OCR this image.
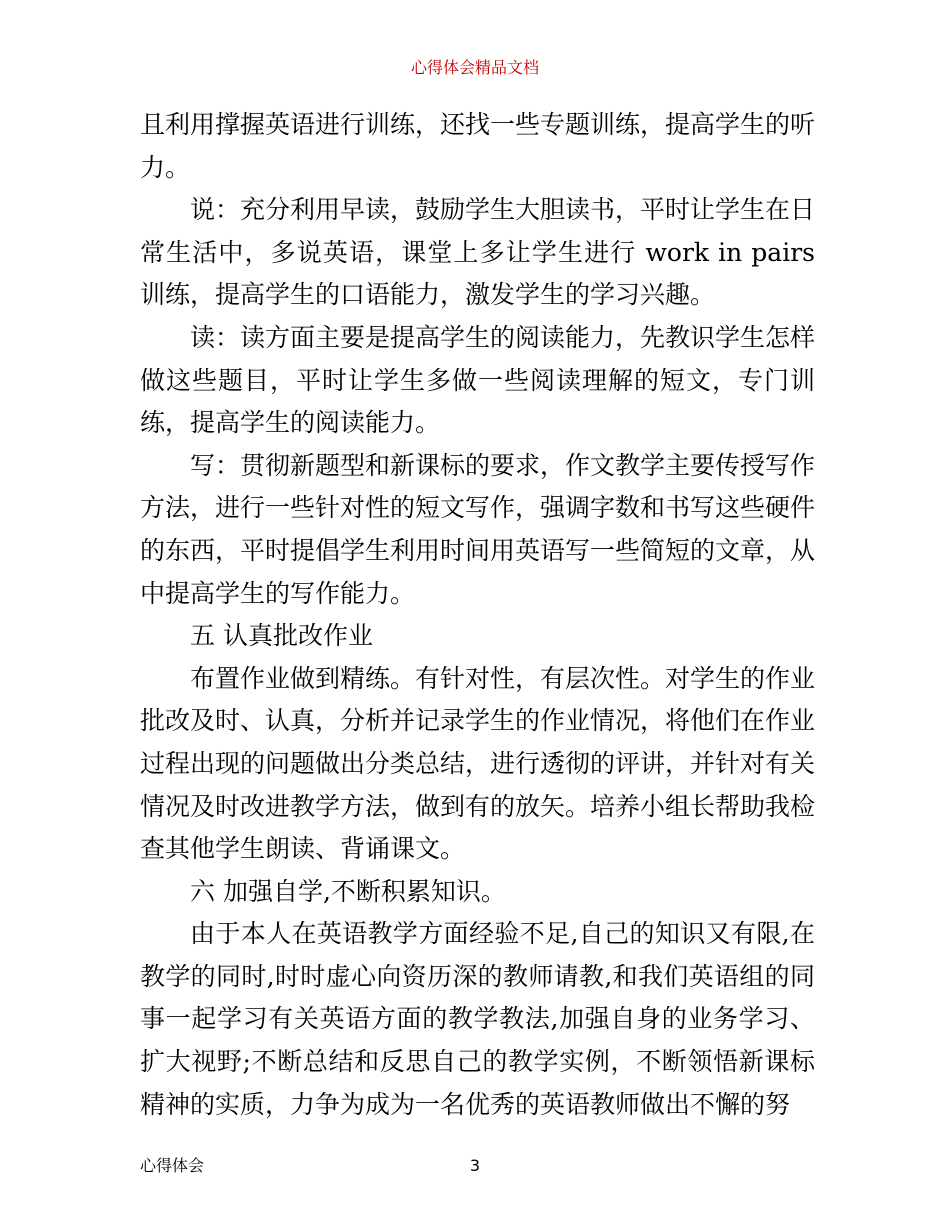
心得体会精品文档

且利用撑握英语进行训练，还找一些专题训练，提高学生的听力。

说：充分利用早读，鼓励学生大胆读书，平时让学生在日常生活中，多说英语，课堂上多让学生进行 work in pairs 训练，提高学生的口语能力，激发学生的学习兴趣。

读：读方面主要是提高学生的阅读能力，先教识学生怎样做这些题目，平时让学生多做一些阅读理解的短文，专门训练，提高学生的阅读能力。

写：贯彻新题型和新课标的要求，作文教学主要传授写作方法，进行一些针对性的短文写作，强调字数和书写这些硬件的东西，平时提倡学生利用时间用英语写一些简短的文章，从中提高学生的写作能力。

五 认真批改作业

布置作业做到精练。有针对性，有层次性。对学生的作业批改及时、认真，分析并记录学生的作业情况，将他们在作业过程出现的问题做出分类总结，进行透彻的评讲，并针对有关情况及时改进教学方法，做到有的放矢。培养小组长帮助我检查其他学生朗读、背诵课文。

六 加强自学,不断积累知识。

由于本人在英语教学方面经验不足,自己的知识又有限,在教学的同时,时时虚心向资历深的教师请教,和我们英语组的同事一起学习有关英语方面的教学教法,加强自身的业务学习、扩大视野;不断总结和反思自己的教学实例，不断领悟新课标精神的实质，力争为成为一名优秀的英语教师做出不懈的努

心得体会	3
